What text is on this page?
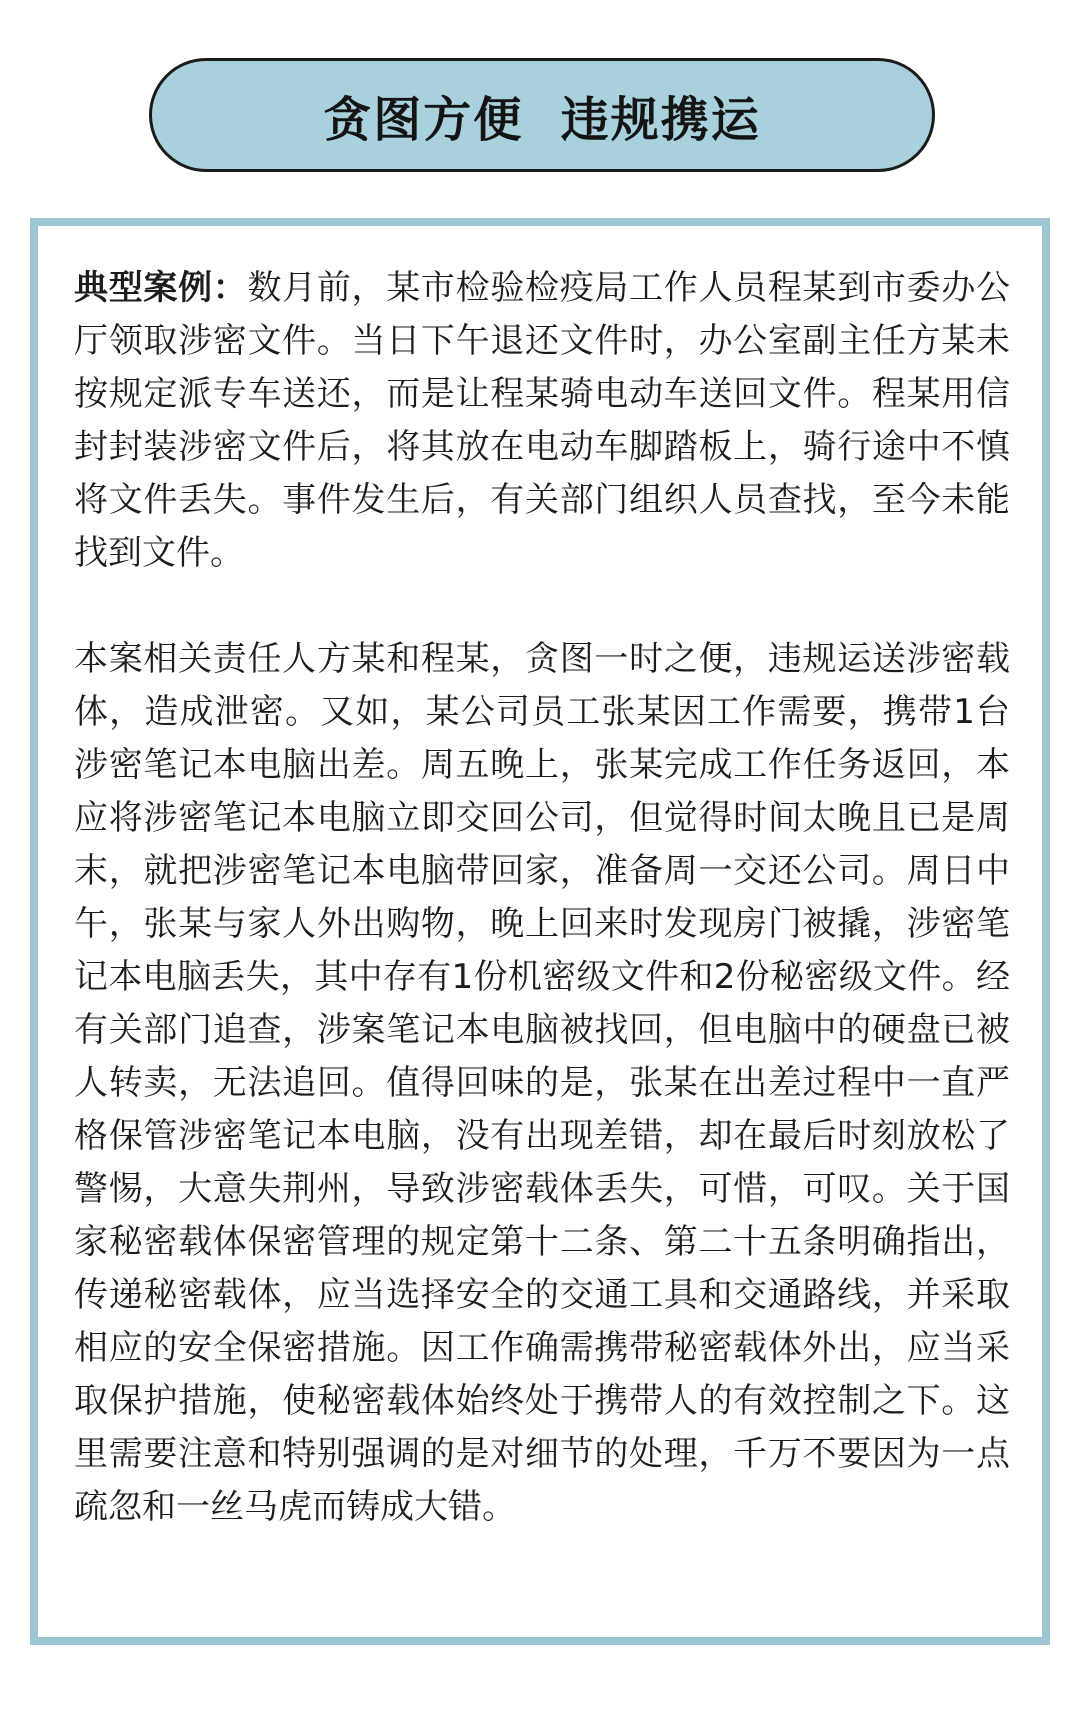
贪图方便  违规携运

典型案例：数月前，某市检验检疫局工作人员程某到市委办公厅领取涉密文件。当日下午退还文件时，办公室副主任方某未按规定派专车送还，而是让程某骑电动车送回文件。程某用信封封装涉密文件后，将其放在电动车脚踏板上，骑行途中不慎将文件丢失。事件发生后，有关部门组织人员查找，至今未能找到文件。

本案相关责任人方某和程某，贪图一时之便，违规运送涉密载体，造成泄密。又如，某公司员工张某因工作需要，携带1台涉密笔记本电脑出差。周五晚上，张某完成工作任务返回，本应将涉密笔记本电脑立即交回公司，但觉得时间太晚且已是周末，就把涉密笔记本电脑带回家，准备周一交还公司。周日中午，张某与家人外出购物，晚上回来时发现房门被撬，涉密笔记本电脑丢失，其中存有1份机密级文件和2份秘密级文件。经有关部门追查，涉案笔记本电脑被找回，但电脑中的硬盘已被人转卖，无法追回。值得回味的是，张某在出差过程中一直严格保管涉密笔记本电脑，没有出现差错，却在最后时刻放松了警惕，大意失荆州，导致涉密载体丢失，可惜，可叹。关于国家秘密载体保密管理的规定第十二条、第二十五条明确指出，传递秘密载体，应当选择安全的交通工具和交通路线，并采取相应的安全保密措施。因工作确需携带秘密载体外出，应当采取保护措施，使秘密载体始终处于携带人的有效控制之下。这里需要注意和特别强调的是对细节的处理，千万不要因为一点疏忽和一丝马虎而铸成大错。
